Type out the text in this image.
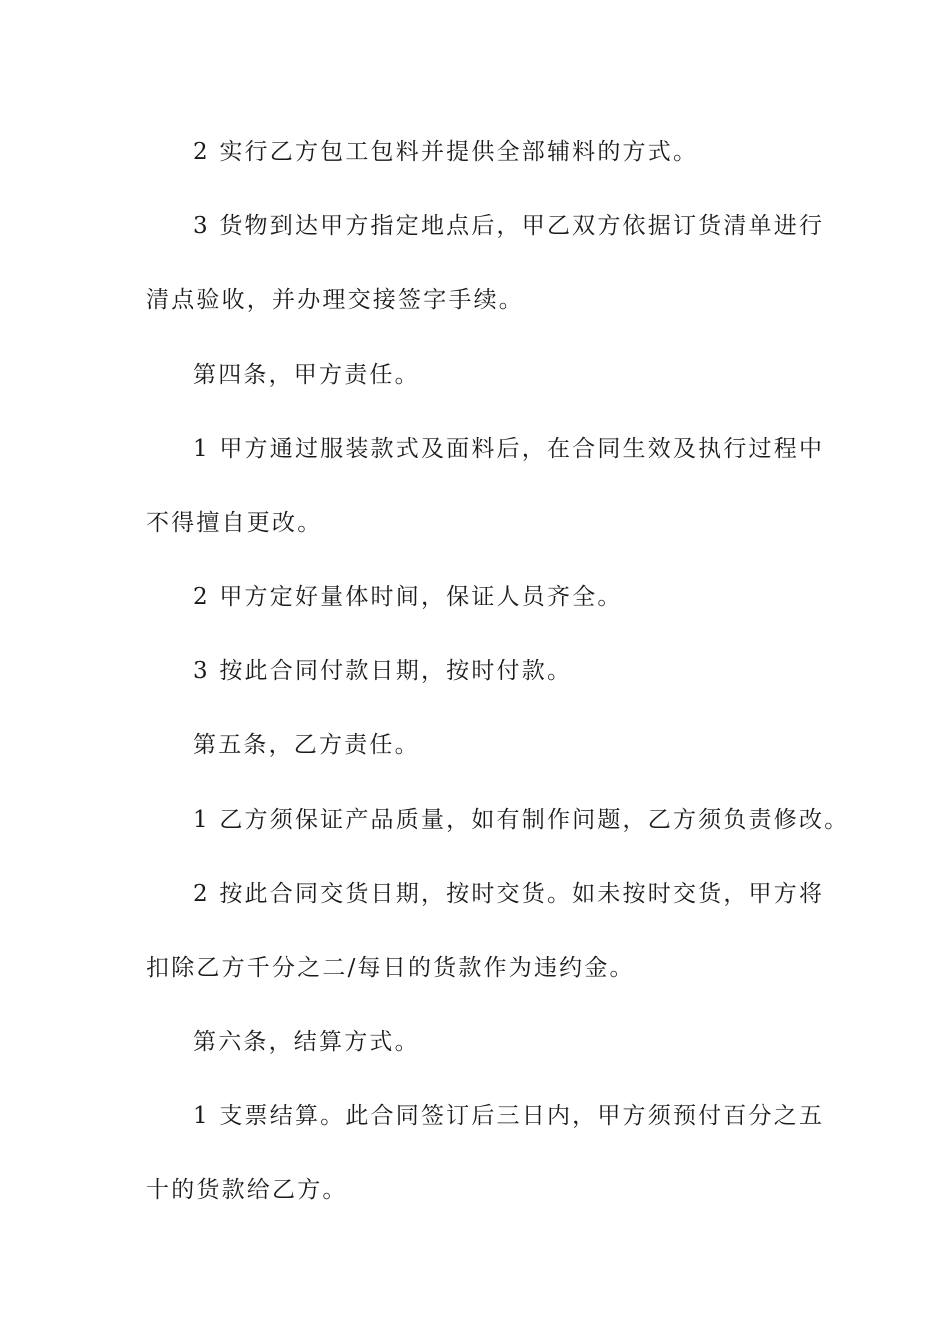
2 实行乙方包工包料并提供全部辅料的方式。
3 货物到达甲方指定地点后，甲乙双方依据订货清单进行
清点验收，并办理交接签字手续。
第四条，甲方责任。
1 甲方通过服装款式及面料后，在合同生效及执行过程中
不得擅自更改。
2 甲方定好量体时间，保证人员齐全。
3 按此合同付款日期，按时付款。
第五条，乙方责任。
1 乙方须保证产品质量，如有制作问题，乙方须负责修改。
2 按此合同交货日期，按时交货。如未按时交货，甲方将
扣除乙方千分之二/每日的货款作为违约金。
第六条，结算方式。
1 支票结算。此合同签订后三日内，甲方须预付百分之五
十的货款给乙方。
